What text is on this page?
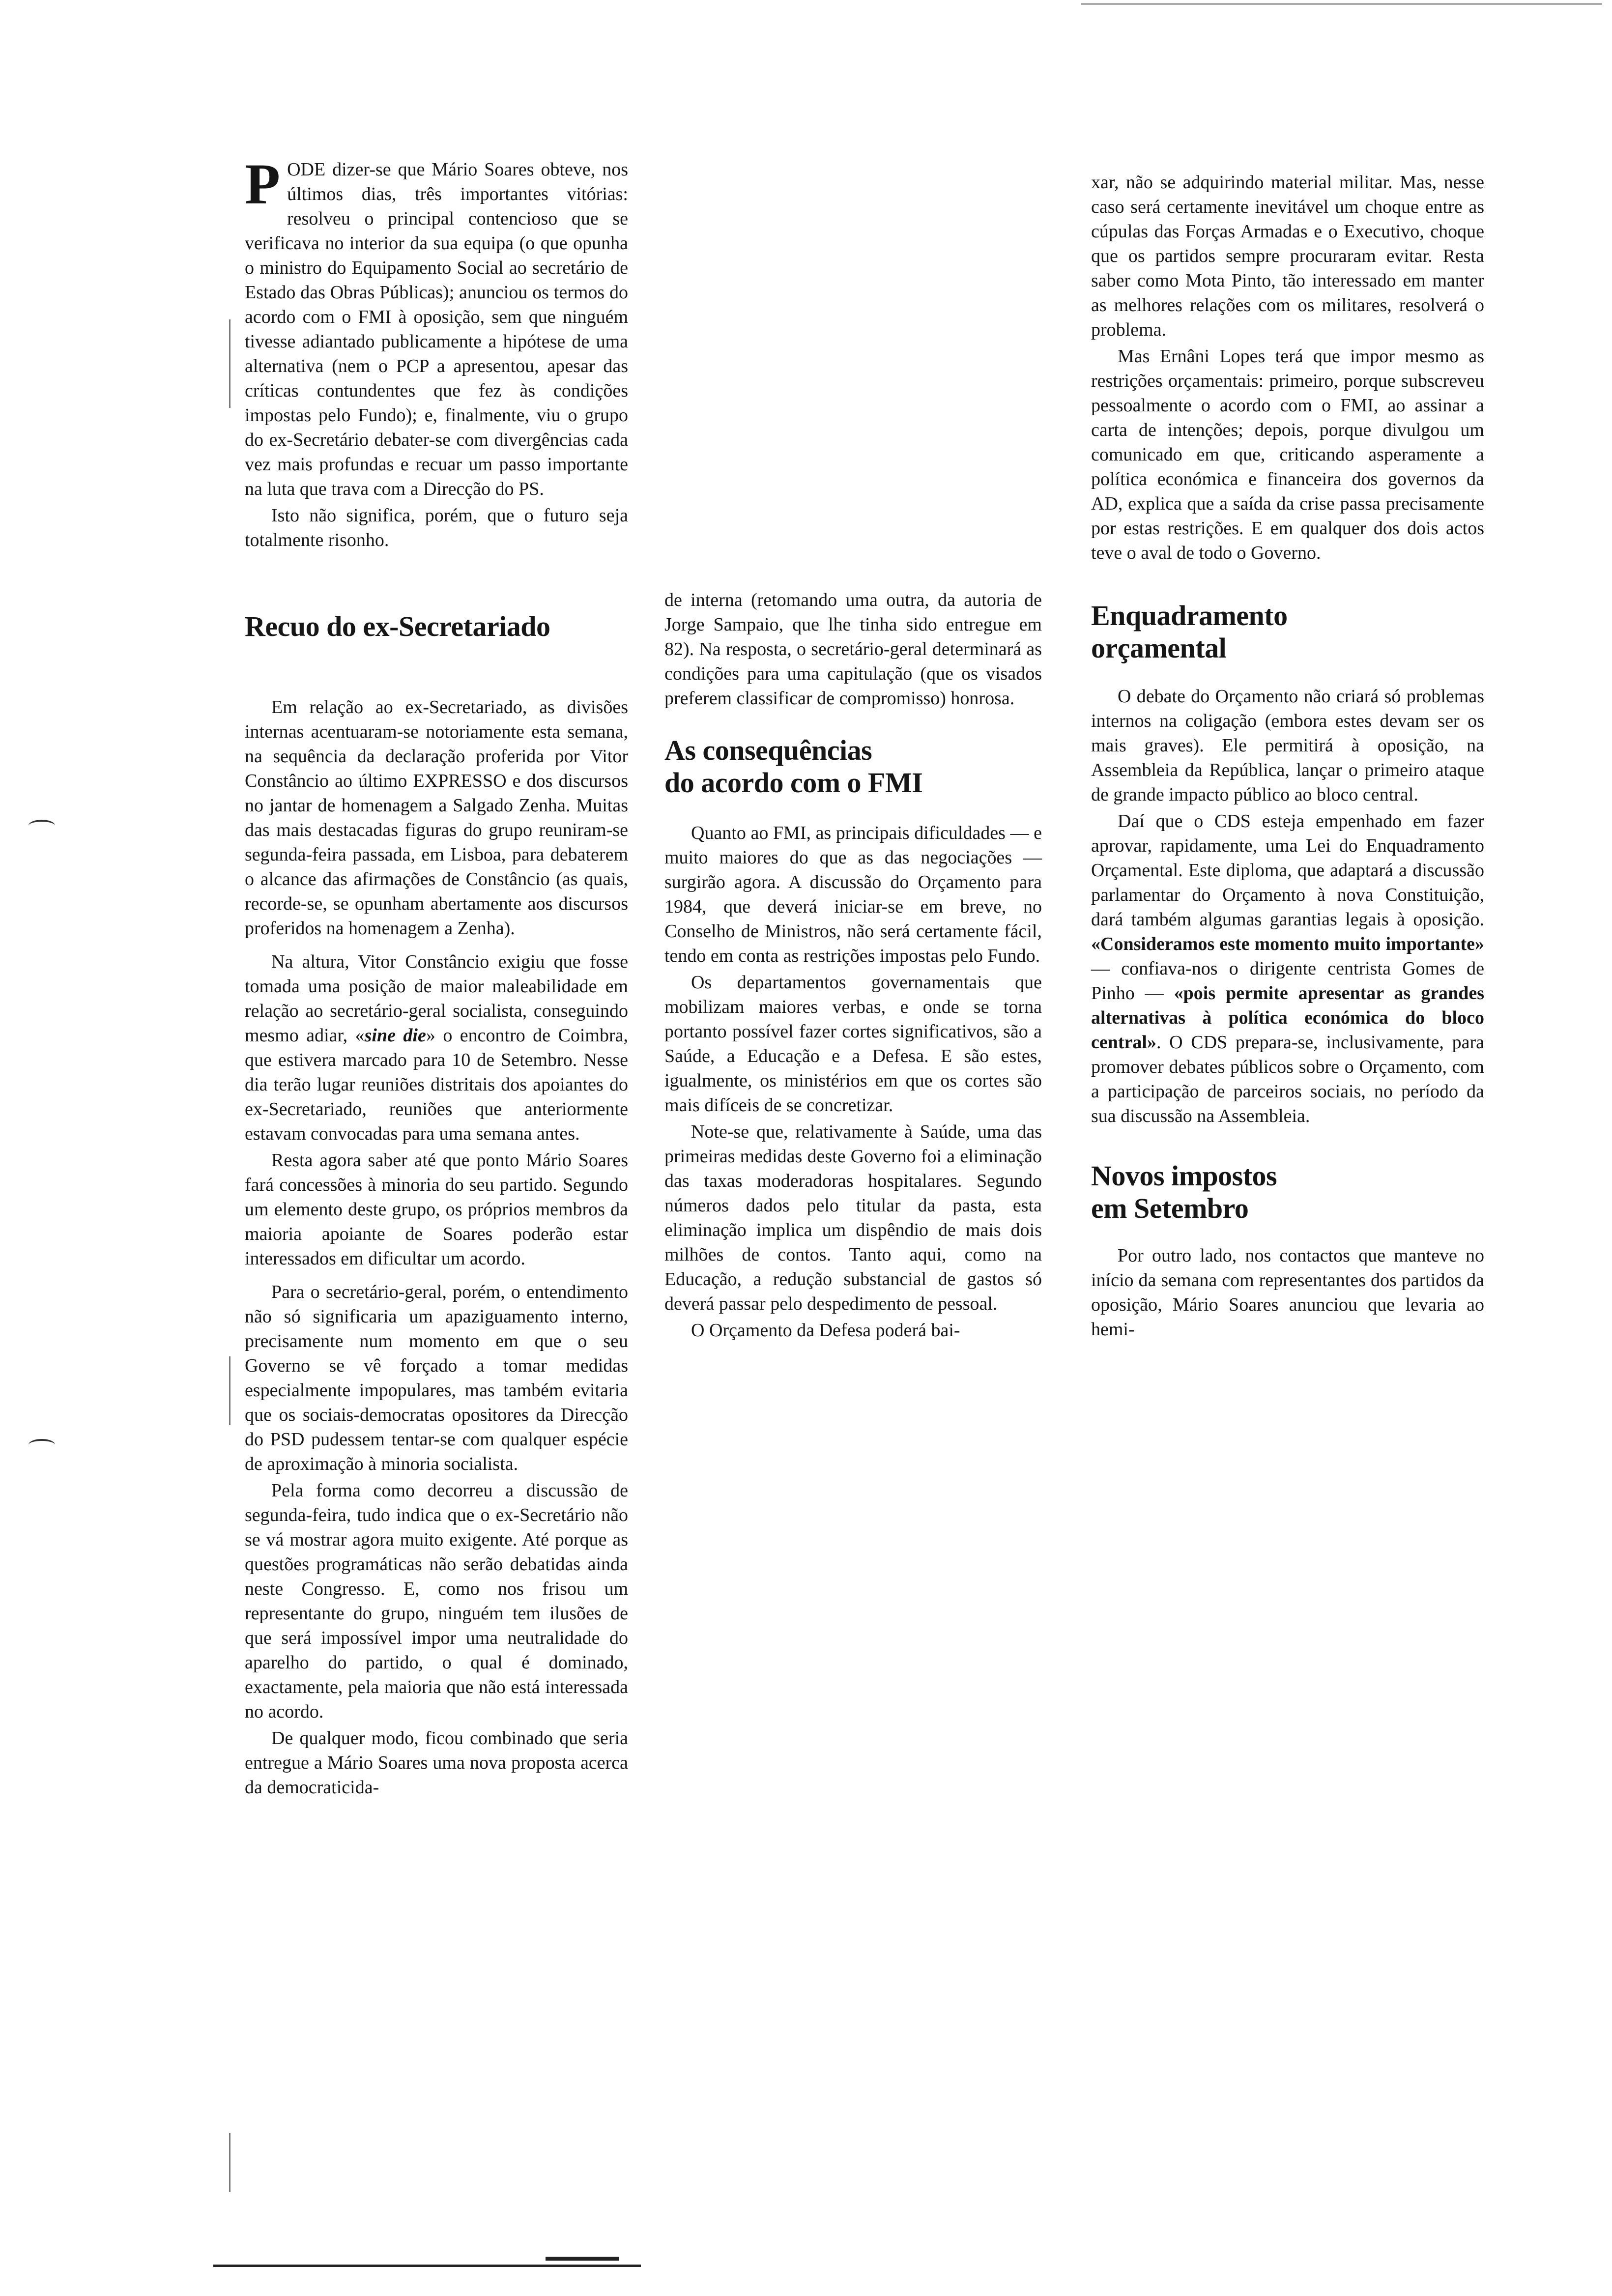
PODE dizer-se que Mário Soares obteve, nos últimos dias, três importantes vitórias: resolveu o principal contencioso que se verificava no interior da sua equipa (o que opunha o ministro do Equipamento Social ao secretário de Estado das Obras Públicas); anunciou os termos do acordo com o FMI à oposição, sem que ninguém tivesse adiantado publicamente a hipótese de uma alternativa (nem o PCP a apresentou, apesar das críticas contundentes que fez às condições impostas pelo Fundo); e, finalmente, viu o grupo do ex-Secretário debater-se com divergências cada vez mais profundas e recuar um passo importante na luta que trava com a Direcção do PS.

Isto não significa, porém, que o futuro seja totalmente risonho.

Recuo do ex-Secretariado

Em relação ao ex-Secretariado, as divisões internas acentuaram-se notoriamente esta semana, na sequência da declaração proferida por Vitor Constâncio ao último EXPRESSO e dos discursos no jantar de homenagem a Salgado Zenha. Muitas das mais destacadas figuras do grupo reuniram-se segunda-feira passada, em Lisboa, para debaterem o alcance das afirmações de Constâncio (as quais, recorde-se, se opunham abertamente aos discursos proferidos na homenagem a Zenha).

Na altura, Vitor Constâncio exigiu que fosse tomada uma posição de maior maleabilidade em relação ao secretário-geral socialista, conseguindo mesmo adiar, «sine die» o encontro de Coimbra, que estivera marcado para 10 de Setembro. Nesse dia terão lugar reuniões distritais dos apoiantes do ex-Secretariado, reuniões que anteriormente estavam convocadas para uma semana antes.

Resta agora saber até que ponto Mário Soares fará concessões à minoria do seu partido. Segundo um elemento deste grupo, os próprios membros da maioria apoiante de Soares poderão estar interessados em dificultar um acordo.

Para o secretário-geral, porém, o entendimento não só significaria um apaziguamento interno, precisamente num momento em que o seu Governo se vê forçado a tomar medidas especialmente impopulares, mas também evitaria que os sociais-democratas opositores da Direcção do PSD pudessem tentar-se com qualquer espécie de aproximação à minoria socialista.

Pela forma como decorreu a discussão de segunda-feira, tudo indica que o ex-Secretário não se vá mostrar agora muito exigente. Até porque as questões programáticas não serão debatidas ainda neste Congresso. E, como nos frisou um representante do grupo, ninguém tem ilusões de que será impossível impor uma neutralidade do aparelho do partido, o qual é dominado, exactamente, pela maioria que não está interessada no acordo.

De qualquer modo, ficou combinado que seria entregue a Mário Soares uma nova proposta acerca da democraticida-

de interna (retomando uma outra, da autoria de Jorge Sampaio, que lhe tinha sido entregue em 82). Na resposta, o secretário-geral determinará as condições para uma capitulação (que os visados preferem classificar de compromisso) honrosa.

As consequências
do acordo com o FMI

Quanto ao FMI, as principais dificuldades — e muito maiores do que as das negociações — surgirão agora. A discussão do Orçamento para 1984, que deverá iniciar-se em breve, no Conselho de Ministros, não será certamente fácil, tendo em conta as restrições impostas pelo Fundo.

Os departamentos governamentais que mobilizam maiores verbas, e onde se torna portanto possível fazer cortes significativos, são a Saúde, a Educação e a Defesa. E são estes, igualmente, os ministérios em que os cortes são mais difíceis de se concretizar.

Note-se que, relativamente à Saúde, uma das primeiras medidas deste Governo foi a eliminação das taxas moderadoras hospitalares. Segundo números dados pelo titular da pasta, esta eliminação implica um dispêndio de mais dois milhões de contos. Tanto aqui, como na Educação, a redução substancial de gastos só deverá passar pelo despedimento de pessoal.

O Orçamento da Defesa poderá bai-

xar, não se adquirindo material militar. Mas, nesse caso será certamente inevitável um choque entre as cúpulas das Forças Armadas e o Executivo, choque que os partidos sempre procuraram evitar. Resta saber como Mota Pinto, tão interessado em manter as melhores relações com os militares, resolverá o problema.

Mas Ernâni Lopes terá que impor mesmo as restrições orçamentais: primeiro, porque subscreveu pessoalmente o acordo com o FMI, ao assinar a carta de intenções; depois, porque divulgou um comunicado em que, criticando asperamente a política económica e financeira dos governos da AD, explica que a saída da crise passa precisamente por estas restrições. E em qualquer dos dois actos teve o aval de todo o Governo.

Enquadramento
orçamental

O debate do Orçamento não criará só problemas internos na coligação (embora estes devam ser os mais graves). Ele permitirá à oposição, na Assembleia da República, lançar o primeiro ataque de grande impacto público ao bloco central.

Daí que o CDS esteja empenhado em fazer aprovar, rapidamente, uma Lei do Enquadramento Orçamental. Este diploma, que adaptará a discussão parlamentar do Orçamento à nova Constituição, dará também algumas garantias legais à oposição. «Consideramos este momento muito importante» — confiava-nos o dirigente centrista Gomes de Pinho — «pois permite apresentar as grandes alternativas à política económica do bloco central». O CDS prepara-se, inclusivamente, para promover debates públicos sobre o Orçamento, com a participação de parceiros sociais, no período da sua discussão na Assembleia.

Novos impostos
em Setembro

Por outro lado, nos contactos que manteve no início da semana com representantes dos partidos da oposição, Mário Soares anunciou que levaria ao hemi-
